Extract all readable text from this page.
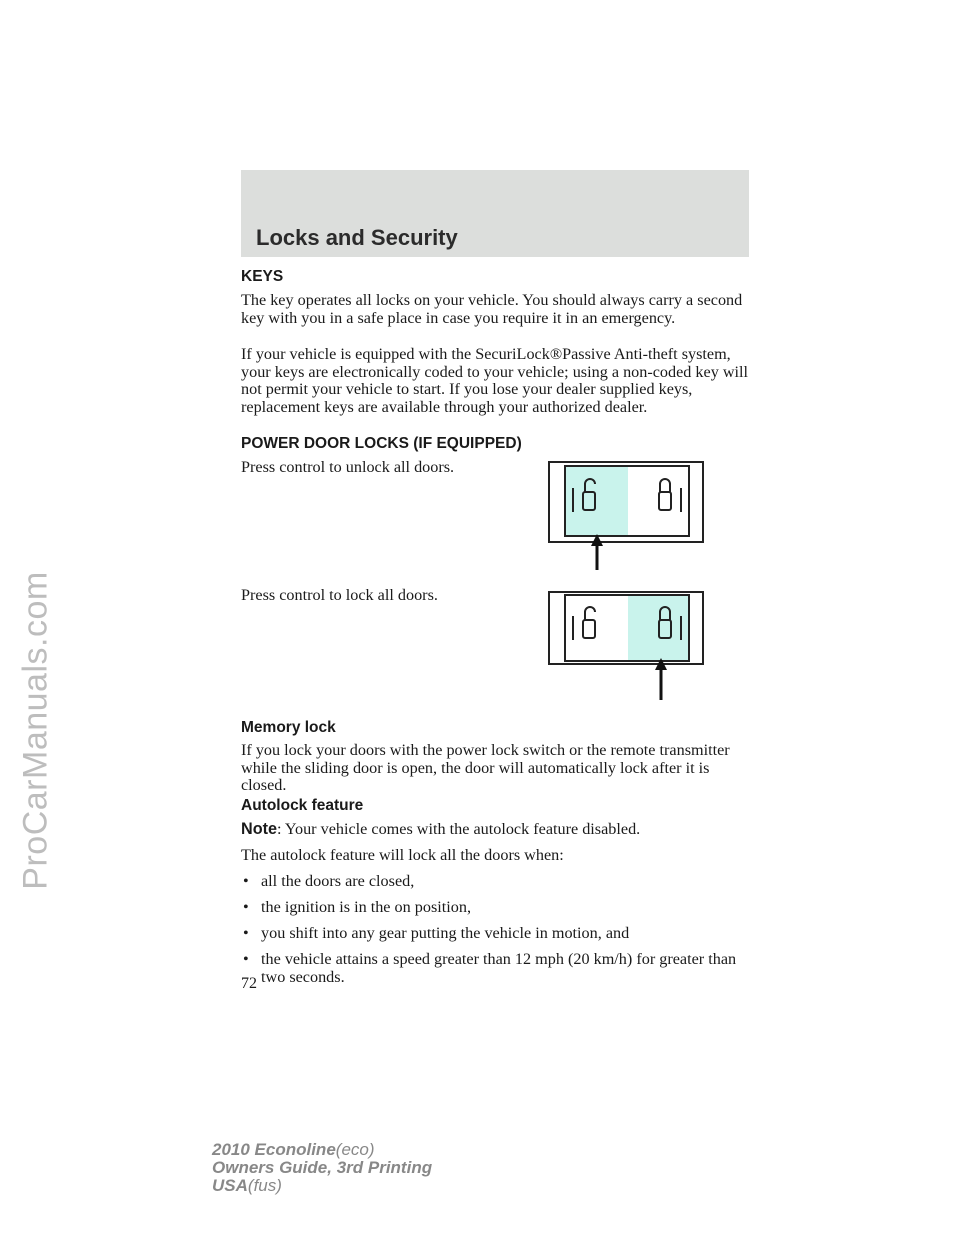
ProCarManuals.com
Locks and Security
KEYS

The key operates all locks on your vehicle. You should always carry a second key with you in a safe place in case you require it in an emergency.

If your vehicle is equipped with the SecuriLock®Passive Anti-theft system, your keys are electronically coded to your vehicle; using a non-coded key will not permit your vehicle to start. If you lose your dealer supplied keys, replacement keys are available through your authorized dealer.

POWER DOOR LOCKS (IF EQUIPPED)

Press control to unlock all doors.

Press control to lock all doors.

Memory lock

If you lock your doors with the power lock switch or the remote transmitter while the sliding door is open, the door will automatically lock after it is closed.

Autolock feature

Note: Your vehicle comes with the autolock feature disabled.

The autolock feature will lock all the doors when:

• all the doors are closed,
• the ignition is in the on position,
• you shift into any gear putting the vehicle in motion, and
• the vehicle attains a speed greater than 12 mph (20 km/h) for greater than two seconds.
72
2010 Econoline(eco)
Owners Guide, 3rd Printing
USA(fus)
